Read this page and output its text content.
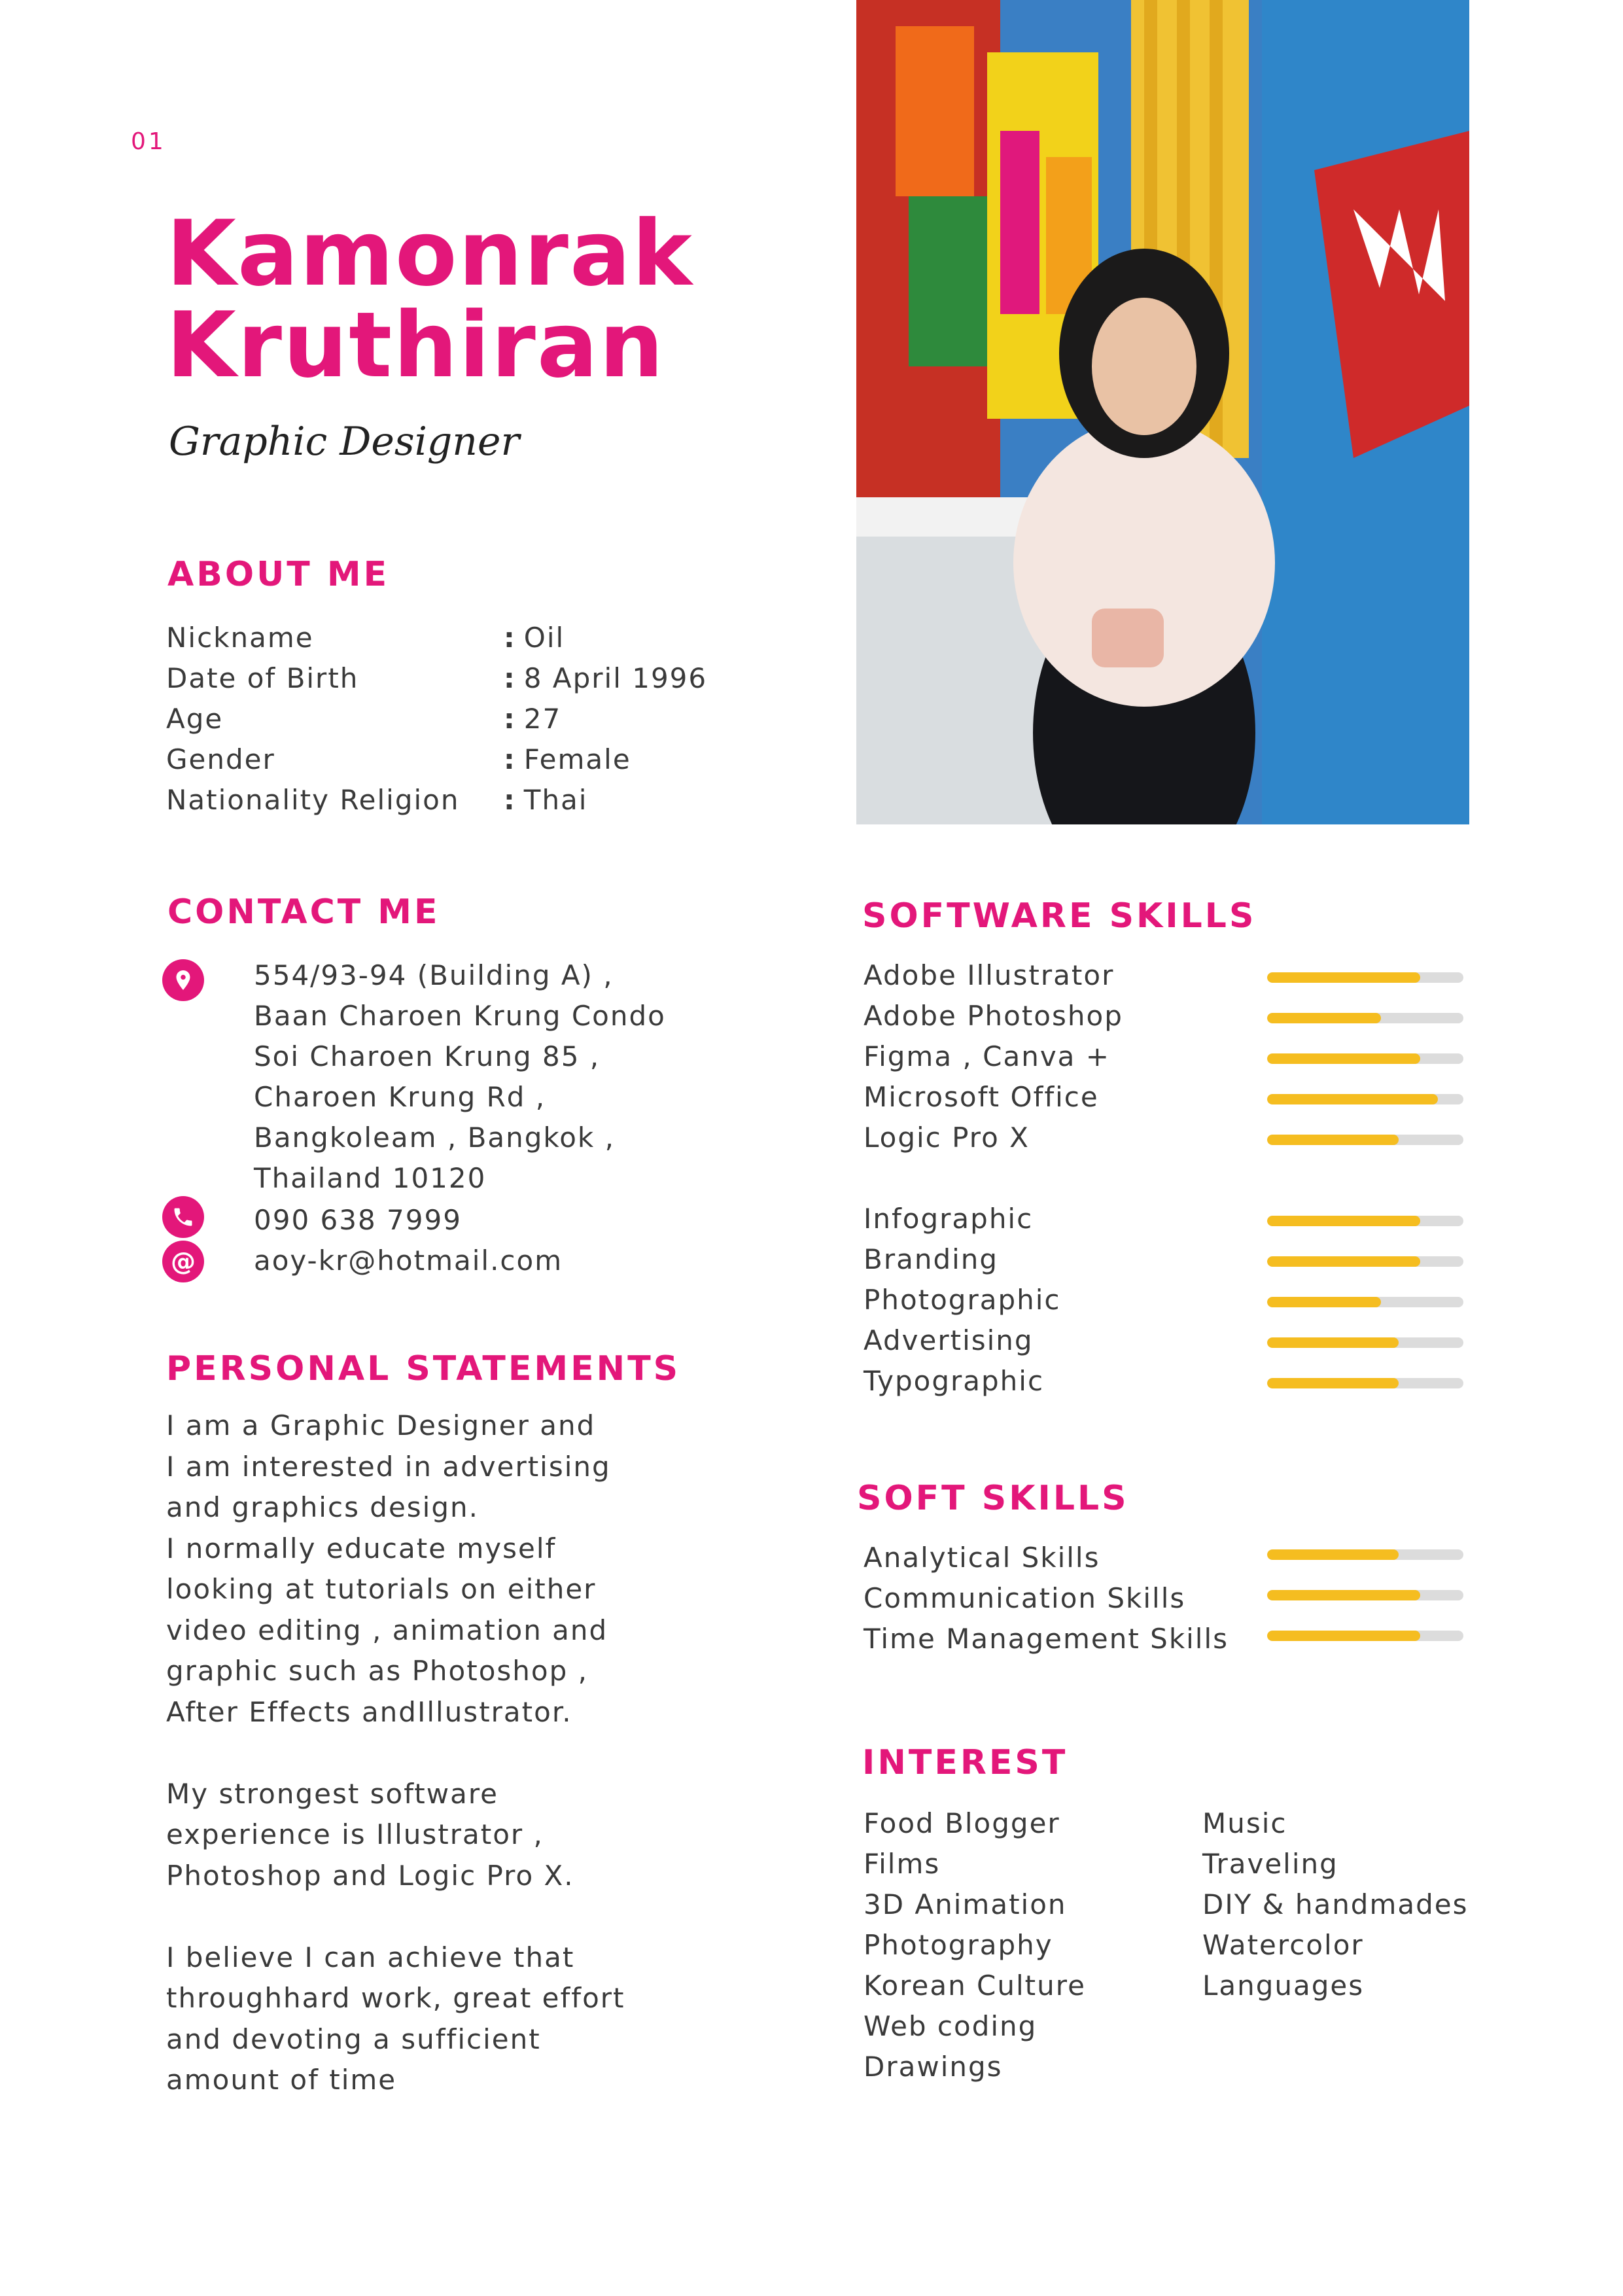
01
Kamonrak
Kruthiran
Graphic Designer
ABOUT ME
Nickname	: Oil
Date of Birth	: 8 April 1996
Age	: 27
Gender	: Female
Nationality Religion	: Thai
CONTACT ME
554/93-94 (Building A) ,
Baan Charoen Krung Condo
Soi Charoen Krung 85 ,
Charoen Krung Rd ,
Bangkoleam , Bangkok ,
Thailand 10120
090 638 7999
@ aoy-kr@hotmail.com
PERSONAL STATEMENTS
I am a Graphic Designer and
I am interested in advertising
and graphics design.
I normally educate myself
looking at tutorials on either
video editing , animation and
graphic such as Photoshop ,
After Effects andIllustrator.
My strongest software
experience is Illustrator ,
Photoshop and Logic Pro X.
I believe I can achieve that
throughhard work, great effort
and devoting a sufficient
amount of time
SOFTWARE SKILLS
Adobe Illustrator
Adobe Photoshop
Figma , Canva +
Microsoft Office
Logic Pro X
Infographic
Branding
Photographic
Advertising
Typographic
SOFT SKILLS
Analytical Skills
Communication Skills
Time Management Skills
INTEREST
Food Blogger
Films
3D Animation
Photography
Korean Culture
Web coding
Drawings
Music
Traveling
DIY & handmades
Watercolor
Languages
